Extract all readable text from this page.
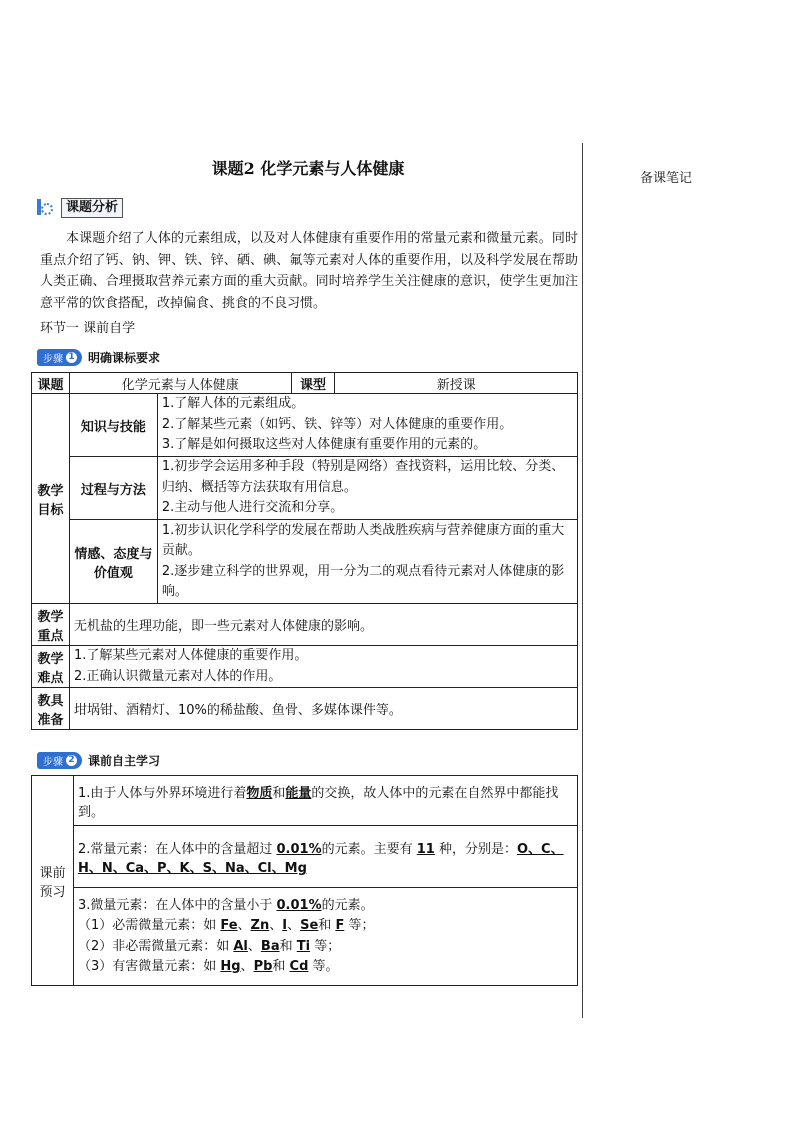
课题2 化学元素与人体健康
备课笔记
课题分析

本课题介绍了人体的元素组成，以及对人体健康有重要作用的常量元素和微量元素。同时重点介绍了钙、钠、钾、铁、锌、硒、碘、氟等元素对人体的重要作用，以及科学发展在帮助人类正确、合理摄取营养元素方面的重大贡献。同时培养学生关注健康的意识，使学生更加注意平常的饮食搭配，改掉偏食、挑食的不良习惯。

环节一 课前自学
步骤 1 明确课标要求
课题	化学元素与人体健康		课型	新授课
教学目标	知识与技能	1.了解人体的元素组成。
2.了解某些元素（如钙、铁、锌等）对人体健康的重要作用。
3.了解是如何摄取这些对人体健康有重要作用的元素的。		

	过程与方法	1.初步学会运用多种手段（特别是网络）查找资料，运用比较、分类、归纳、概括等方法获取有用信息。
2.主动与他人进行交流和分享。		

	情感、态度与价值观	1.初步认识化学科学的发展在帮助人类战胜疾病与营养健康方面的重大贡献。
2.逐步建立科学的世界观，用一分为二的观点看待元素对人体健康的影响。		

教学重点	无机盐的生理功能，即一些元素对人体健康的影响。			
教学难点	1.了解某些元素对人体健康的重要作用。
2.正确认识微量元素对人体的作用。			

教具准备	坩埚钳、酒精灯、10%的稀盐酸、鱼骨、多媒体课件等。			
步骤 2 课前自主学习
课前预习	1.由于人体与外界环境进行着物质和能量的交换，故人体中的元素在自然界中都能找到。
2.常量元素：在人体中的含量超过 0.01%的元素。主要有 11 种，分别是：O、C、H、N、Ca、P、K、S、Na、Cl、Mg

3.微量元素：在人体中的含量小于 0.01%的元素。
（1）必需微量元素：如 Fe、Zn、I、Se和 F 等；
（2）非必需微量元素：如 Al、Ba和 Ti 等；
（3）有害微量元素：如 Hg、Pb和 Cd 等。
